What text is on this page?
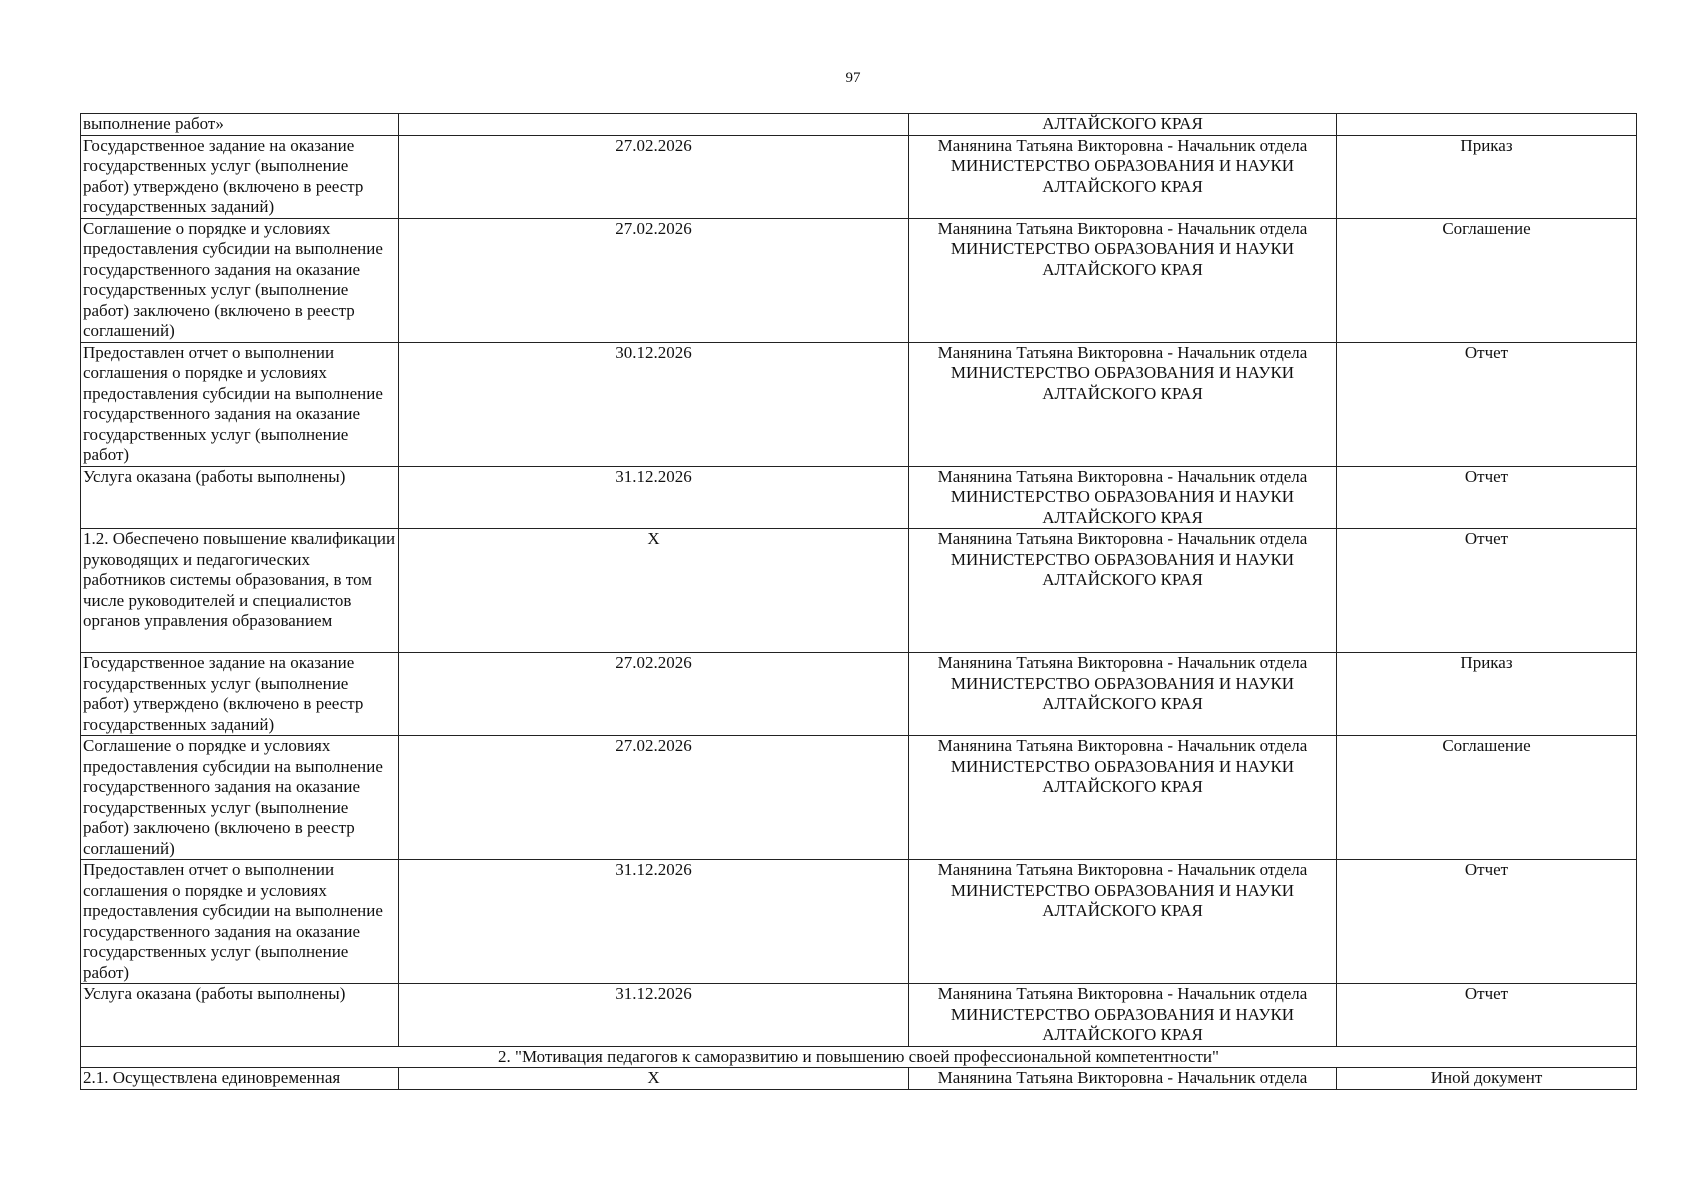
97
выполнение работ»		АЛТАЙСКОГО КРАЯ	
Государственное задание на оказание государственных услуг (выполнение работ) утверждено (включено в реестр государственных заданий)	27.02.2026	Манянина Татьяна Викторовна - Начальник отдела МИНИСТЕРСТВО ОБРАЗОВАНИЯ И НАУКИ АЛТАЙСКОГО КРАЯ	Приказ
Соглашение о порядке и условиях предоставления субсидии на выполнение государственного задания на оказание государственных услуг (выполнение работ) заключено (включено в реестр соглашений)	27.02.2026	Манянина Татьяна Викторовна - Начальник отдела МИНИСТЕРСТВО ОБРАЗОВАНИЯ И НАУКИ АЛТАЙСКОГО КРАЯ	Соглашение
Предоставлен отчет о выполнении соглашения о порядке и условиях предоставления субсидии на выполнение государственного задания на оказание государственных услуг (выполнение работ)	30.12.2026	Манянина Татьяна Викторовна - Начальник отдела МИНИСТЕРСТВО ОБРАЗОВАНИЯ И НАУКИ АЛТАЙСКОГО КРАЯ	Отчет
Услуга оказана (работы выполнены)	31.12.2026	Манянина Татьяна Викторовна - Начальник отдела МИНИСТЕРСТВО ОБРАЗОВАНИЯ И НАУКИ АЛТАЙСКОГО КРАЯ	Отчет
1.2. Обеспечено повышение квалификации руководящих и педагогических работников системы образования, в том числе руководителей и специалистов органов управления образованием	X	Манянина Татьяна Викторовна - Начальник отдела МИНИСТЕРСТВО ОБРАЗОВАНИЯ И НАУКИ АЛТАЙСКОГО КРАЯ	Отчет
Государственное задание на оказание государственных услуг (выполнение работ) утверждено (включено в реестр государственных заданий)	27.02.2026	Манянина Татьяна Викторовна - Начальник отдела МИНИСТЕРСТВО ОБРАЗОВАНИЯ И НАУКИ АЛТАЙСКОГО КРАЯ	Приказ
Соглашение о порядке и условиях предоставления субсидии на выполнение государственного задания на оказание государственных услуг (выполнение работ) заключено (включено в реестр соглашений)	27.02.2026	Манянина Татьяна Викторовна - Начальник отдела МИНИСТЕРСТВО ОБРАЗОВАНИЯ И НАУКИ АЛТАЙСКОГО КРАЯ	Соглашение
Предоставлен отчет о выполнении соглашения о порядке и условиях предоставления субсидии на выполнение государственного задания на оказание государственных услуг (выполнение работ)	31.12.2026	Манянина Татьяна Викторовна - Начальник отдела МИНИСТЕРСТВО ОБРАЗОВАНИЯ И НАУКИ АЛТАЙСКОГО КРАЯ	Отчет
Услуга оказана (работы выполнены)	31.12.2026	Манянина Татьяна Викторовна - Начальник отдела МИНИСТЕРСТВО ОБРАЗОВАНИЯ И НАУКИ АЛТАЙСКОГО КРАЯ	Отчет
2. "Мотивация педагогов к саморазвитию и повышению своей профессиональной компетентности"			
2.1. Осуществлена единовременная	X	Манянина Татьяна Викторовна - Начальник отдела	Иной документ
